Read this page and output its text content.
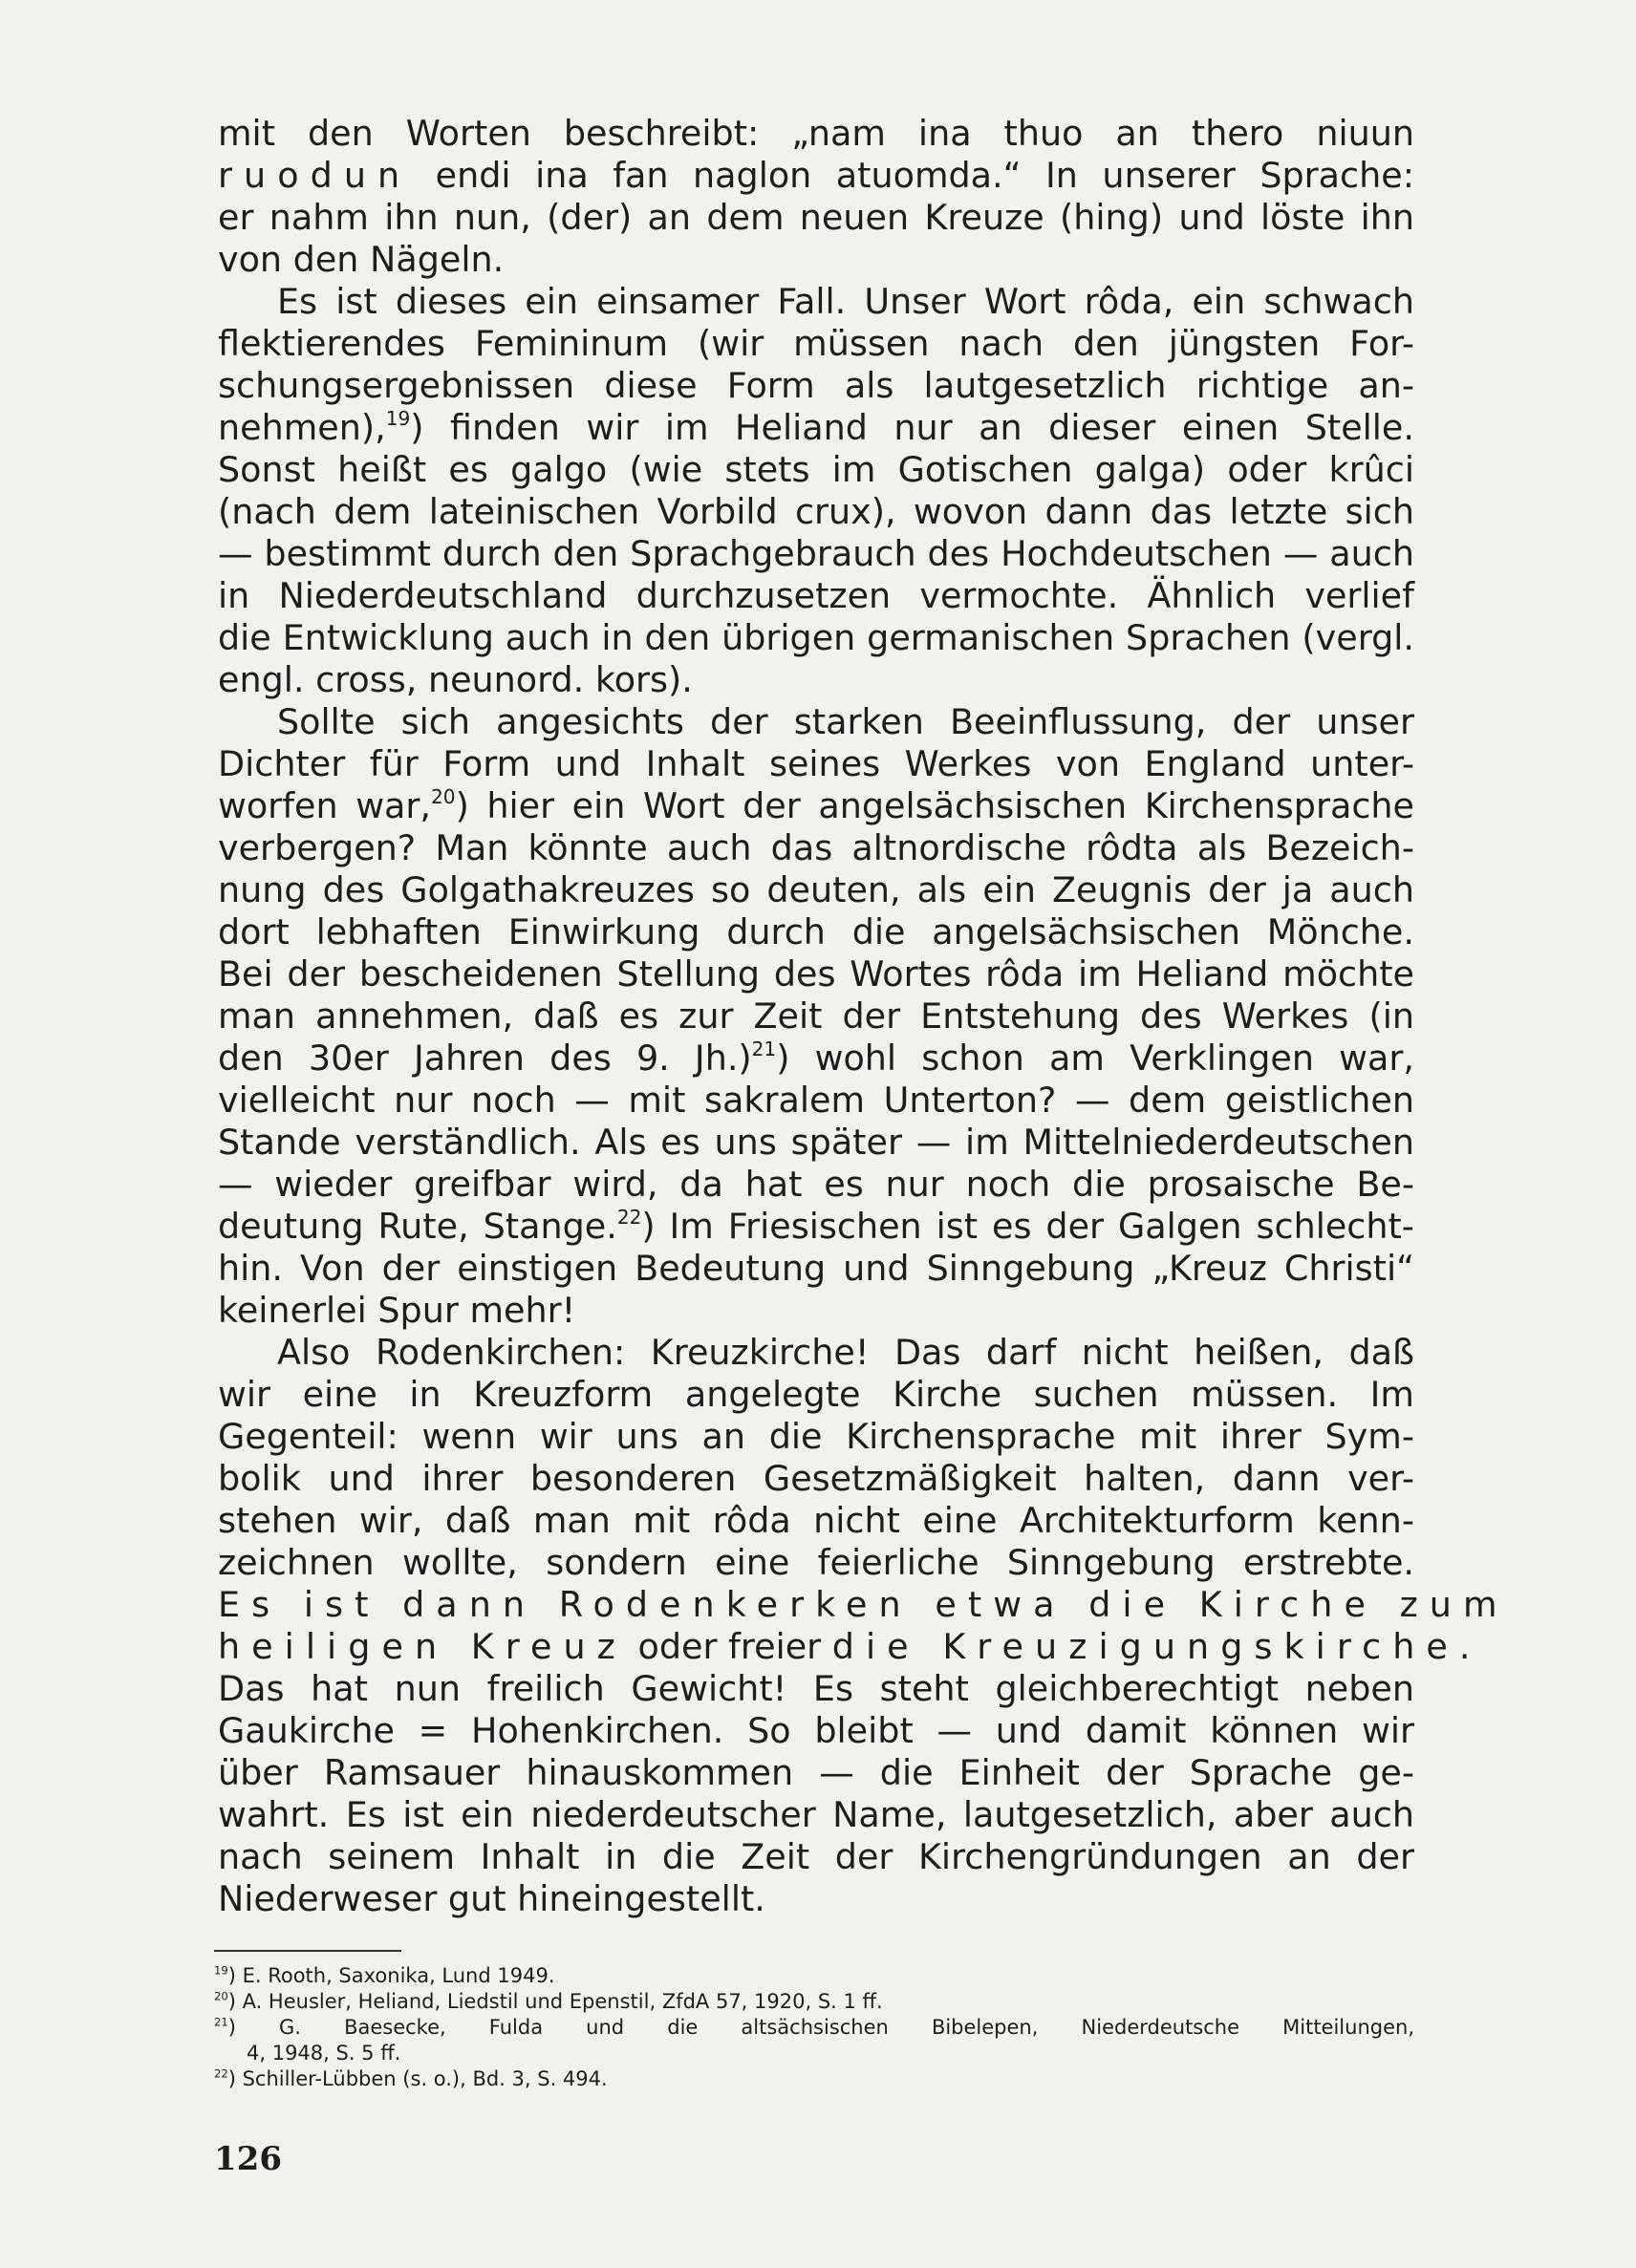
mit den Worten beschreibt: „nam ina thuo an thero niuun
ruodun endi ina fan naglon atuomda.“ In unserer Sprache:
er nahm ihn nun, (der) an dem neuen Kreuze (hing) und löste ihn
von den Nägeln.
Es ist dieses ein einsamer Fall. Unser Wort rôda, ein schwach
flektierendes Femininum (wir müssen nach den jüngsten For-
schungsergebnissen diese Form als lautgesetzlich richtige an-
nehmen),$^{19}$) finden wir im Heliand nur an dieser einen Stelle.
Sonst heißt es galgo (wie stets im Gotischen galga) oder krûci
(nach dem lateinischen Vorbild crux), wovon dann das letzte sich
— bestimmt durch den Sprachgebrauch des Hochdeutschen — auch
in Niederdeutschland durchzusetzen vermochte. Ähnlich verlief
die Entwicklung auch in den übrigen germanischen Sprachen (vergl.
engl. cross, neunord. kors).
Sollte sich angesichts der starken Beeinflussung, der unser
Dichter für Form und Inhalt seines Werkes von England unter-
worfen war,$^{20}$) hier ein Wort der angelsächsischen Kirchensprache
verbergen? Man könnte auch das altnordische rôdta als Bezeich-
nung des Golgathakreuzes so deuten, als ein Zeugnis der ja auch
dort lebhaften Einwirkung durch die angelsächsischen Mönche.
Bei der bescheidenen Stellung des Wortes rôda im Heliand möchte
man annehmen, daß es zur Zeit der Entstehung des Werkes (in
den 30er Jahren des 9. Jh.)$^{21}$) wohl schon am Verklingen war,
vielleicht nur noch — mit sakralem Unterton? — dem geistlichen
Stande verständlich. Als es uns später — im Mittelniederdeutschen
— wieder greifbar wird, da hat es nur noch die prosaische Be-
deutung Rute, Stange.$^{22}$) Im Friesischen ist es der Galgen schlecht-
hin. Von der einstigen Bedeutung und Sinngebung „Kreuz Christi“
keinerlei Spur mehr!
Also Rodenkirchen: Kreuzkirche! Das darf nicht heißen, daß
wir eine in Kreuzform angelegte Kirche suchen müssen. Im
Gegenteil: wenn wir uns an die Kirchensprache mit ihrer Sym-
bolik und ihrer besonderen Gesetzmäßigkeit halten, dann ver-
stehen wir, daß man mit rôda nicht eine Architekturform kenn-
zeichnen wollte, sondern eine feierliche Sinngebung erstrebte.
Es ist dann Rodenkerken etwa die Kirche zum
heiligen Kreuz oder freier die Kreuzigungskirche.
Das hat nun freilich Gewicht! Es steht gleichberechtigt neben
Gaukirche = Hohenkirchen. So bleibt — und damit können wir
über Ramsauer hinauskommen — die Einheit der Sprache ge-
wahrt. Es ist ein niederdeutscher Name, lautgesetzlich, aber auch
nach seinem Inhalt in die Zeit der Kirchengründungen an der
Niederweser gut hineingestellt.
$^{19}$) E. Rooth, Saxonika, Lund 1949.
$^{20}$) A. Heusler, Heliand, Liedstil und Epenstil, ZfdA 57, 1920, S. 1 ff.
$^{21}$) G. Baesecke, Fulda und die altsächsischen Bibelepen, Niederdeutsche Mitteilungen,
4, 1948, S. 5 ff.
$^{22}$) Schiller-Lübben (s. o.), Bd. 3, S. 494.
126
